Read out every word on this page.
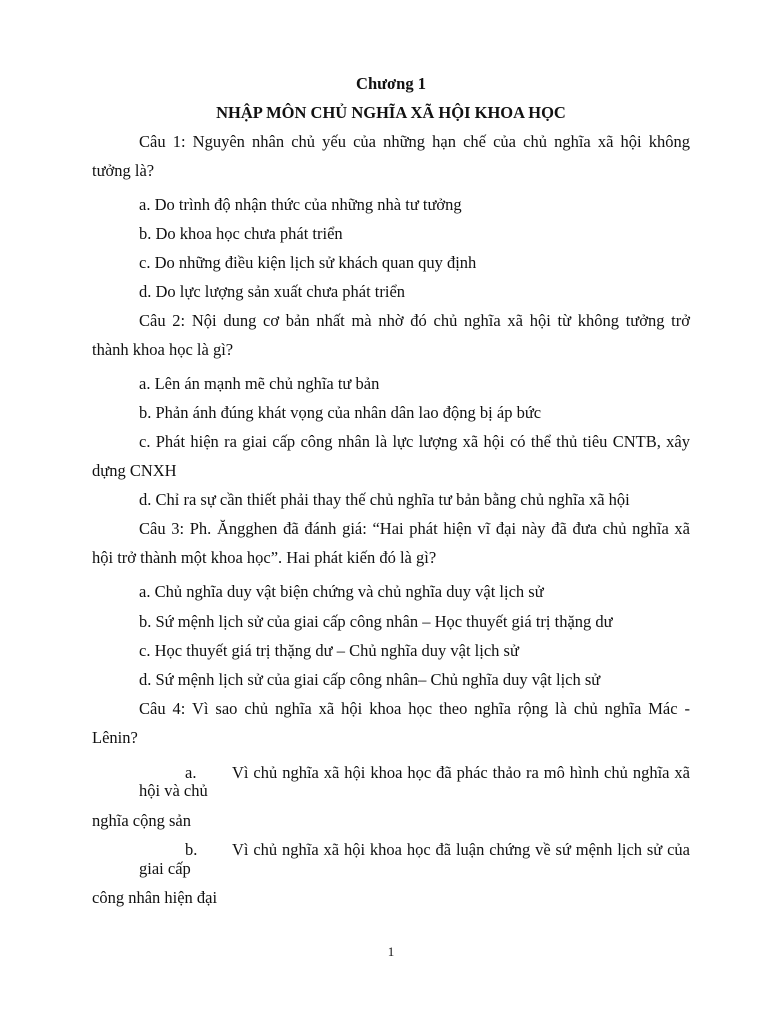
Chương 1
NHẬP MÔN CHỦ NGHĨA XÃ HỘI KHOA HỌC
Câu 1: Nguyên nhân chủ yếu của những hạn chế của chủ nghĩa xã hội không
tưởng là?
a. Do trình độ nhận thức của những nhà tư tưởng
b. Do khoa học chưa phát triển
c. Do những điều kiện lịch sử khách quan quy định
d. Do lực lượng sản xuất chưa phát triển
Câu 2: Nội dung cơ bản nhất mà nhờ đó chủ nghĩa xã hội từ không tưởng trở
thành khoa học là gì?
a. Lên án mạnh mẽ chủ nghĩa tư bản
b. Phản ánh đúng khát vọng của nhân dân lao động bị áp bức
c. Phát hiện ra giai cấp công nhân là lực lượng xã hội có thể thủ tiêu CNTB, xây
dựng CNXH
d. Chỉ ra sự cần thiết phải thay thế chủ nghĩa tư bản bằng chủ nghĩa xã hội
Câu 3: Ph. Ăngghen đã đánh giá: “Hai phát hiện vĩ đại này đã đưa chủ nghĩa xã
hội trở thành một khoa học”. Hai phát kiến đó là gì?
a. Chủ nghĩa duy vật biện chứng và chủ nghĩa duy vật lịch sử
b. Sứ mệnh lịch sử của giai cấp công nhân – Học thuyết giá trị thặng dư
c. Học thuyết giá trị thặng dư – Chủ nghĩa duy vật lịch sử
d. Sứ mệnh lịch sử của giai cấp công nhân– Chủ nghĩa duy vật lịch sử
Câu 4: Vì sao chủ nghĩa xã hội khoa học theo nghĩa rộng là chủ nghĩa Mác -
Lênin?
a. Vì chủ nghĩa xã hội khoa học đã phác thảo ra mô hình chủ nghĩa xã
hội và chủ
nghĩa cộng sản
b. Vì chủ nghĩa xã hội khoa học đã luận chứng về sứ mệnh lịch sử của
giai cấp
công nhân hiện đại
1
